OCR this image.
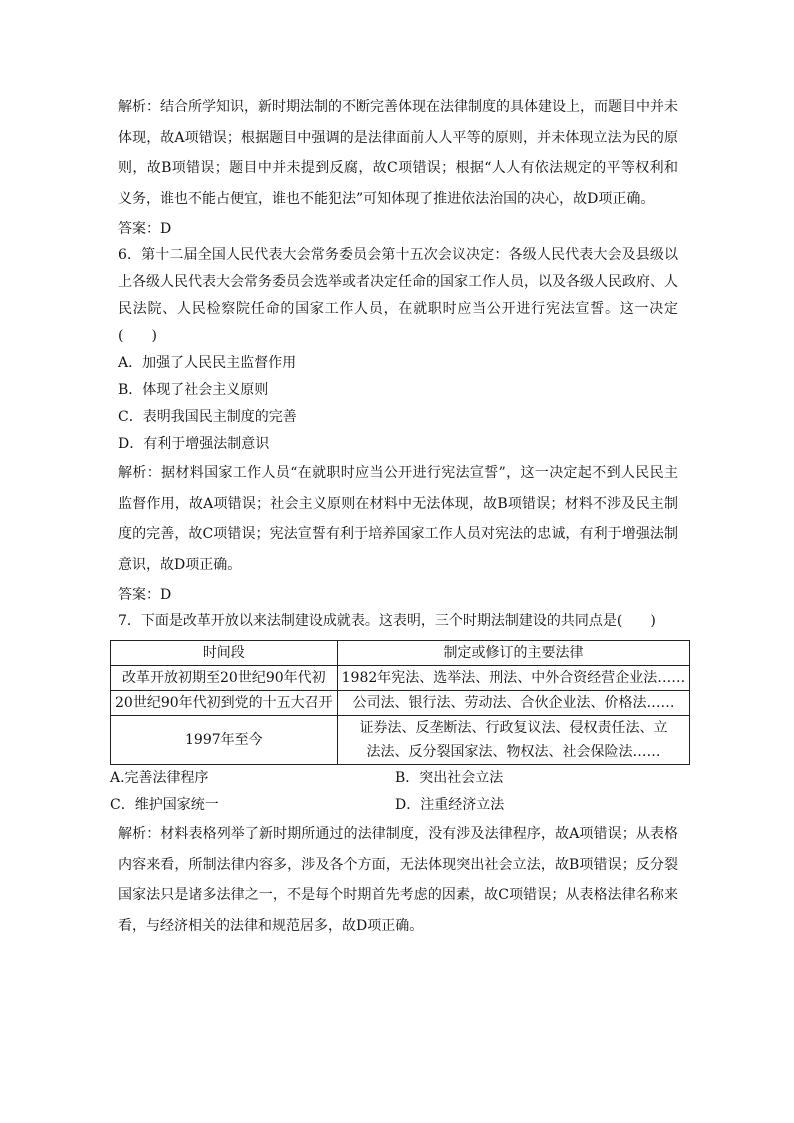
解析：结合所学知识，新时期法制的不断完善体现在法律制度的具体建设上，而题目中并未体现，故A项错误；根据题目中强调的是法律面前人人平等的原则，并未体现立法为民的原则，故B项错误；题目中并未提到反腐，故C项错误；根据“人人有依法规定的平等权利和义务，谁也不能占便宜，谁也不能犯法”可知体现了推进依法治国的决心，故D项正确。

答案：D

6．第十二届全国人民代表大会常务委员会第十五次会议决定：各级人民代表大会及县级以上各级人民代表大会常务委员会选举或者决定任命的国家工作人员，以及各级人民政府、人民法院、人民检察院任命的国家工作人员，在就职时应当公开进行宪法宣誓。这一决定(　　)

A．加强了人民民主监督作用

B．体现了社会主义原则

C．表明我国民主制度的完善

D．有利于增强法制意识

解析：据材料国家工作人员“在就职时应当公开进行宪法宣誓”，这一决定起不到人民民主监督作用，故A项错误；社会主义原则在材料中无法体现，故B项错误；材料不涉及民主制度的完善，故C项错误；宪法宣誓有利于培养国家工作人员对宪法的忠诚，有利于增强法制意识，故D项正确。

答案：D

7．下面是改革开放以来法制建设成就表。这表明，三个时期法制建设的共同点是(　　)

时间段	制定或修订的主要法律
改革开放初期至20世纪90年代初	1982年宪法、选举法、刑法、中外合资经营企业法……
20世纪90年代初到党的十五大召开	公司法、银行法、劳动法、合伙企业法、价格法……
1997年至今	证券法、反垄断法、行政复议法、侵权责任法、立
法法、反分裂国家法、物权法、社会保险法……
A.完善法律程序	B．突出社会立法
C．维护国家统一	D．注重经济立法

解析：材料表格列举了新时期所通过的法律制度，没有涉及法律程序，故A项错误；从表格内容来看，所制法律内容多，涉及各个方面，无法体现突出社会立法，故B项错误；反分裂国家法只是诸多法律之一，不是每个时期首先考虑的因素，故C项错误；从表格法律名称来看，与经济相关的法律和规范居多，故D项正确。
